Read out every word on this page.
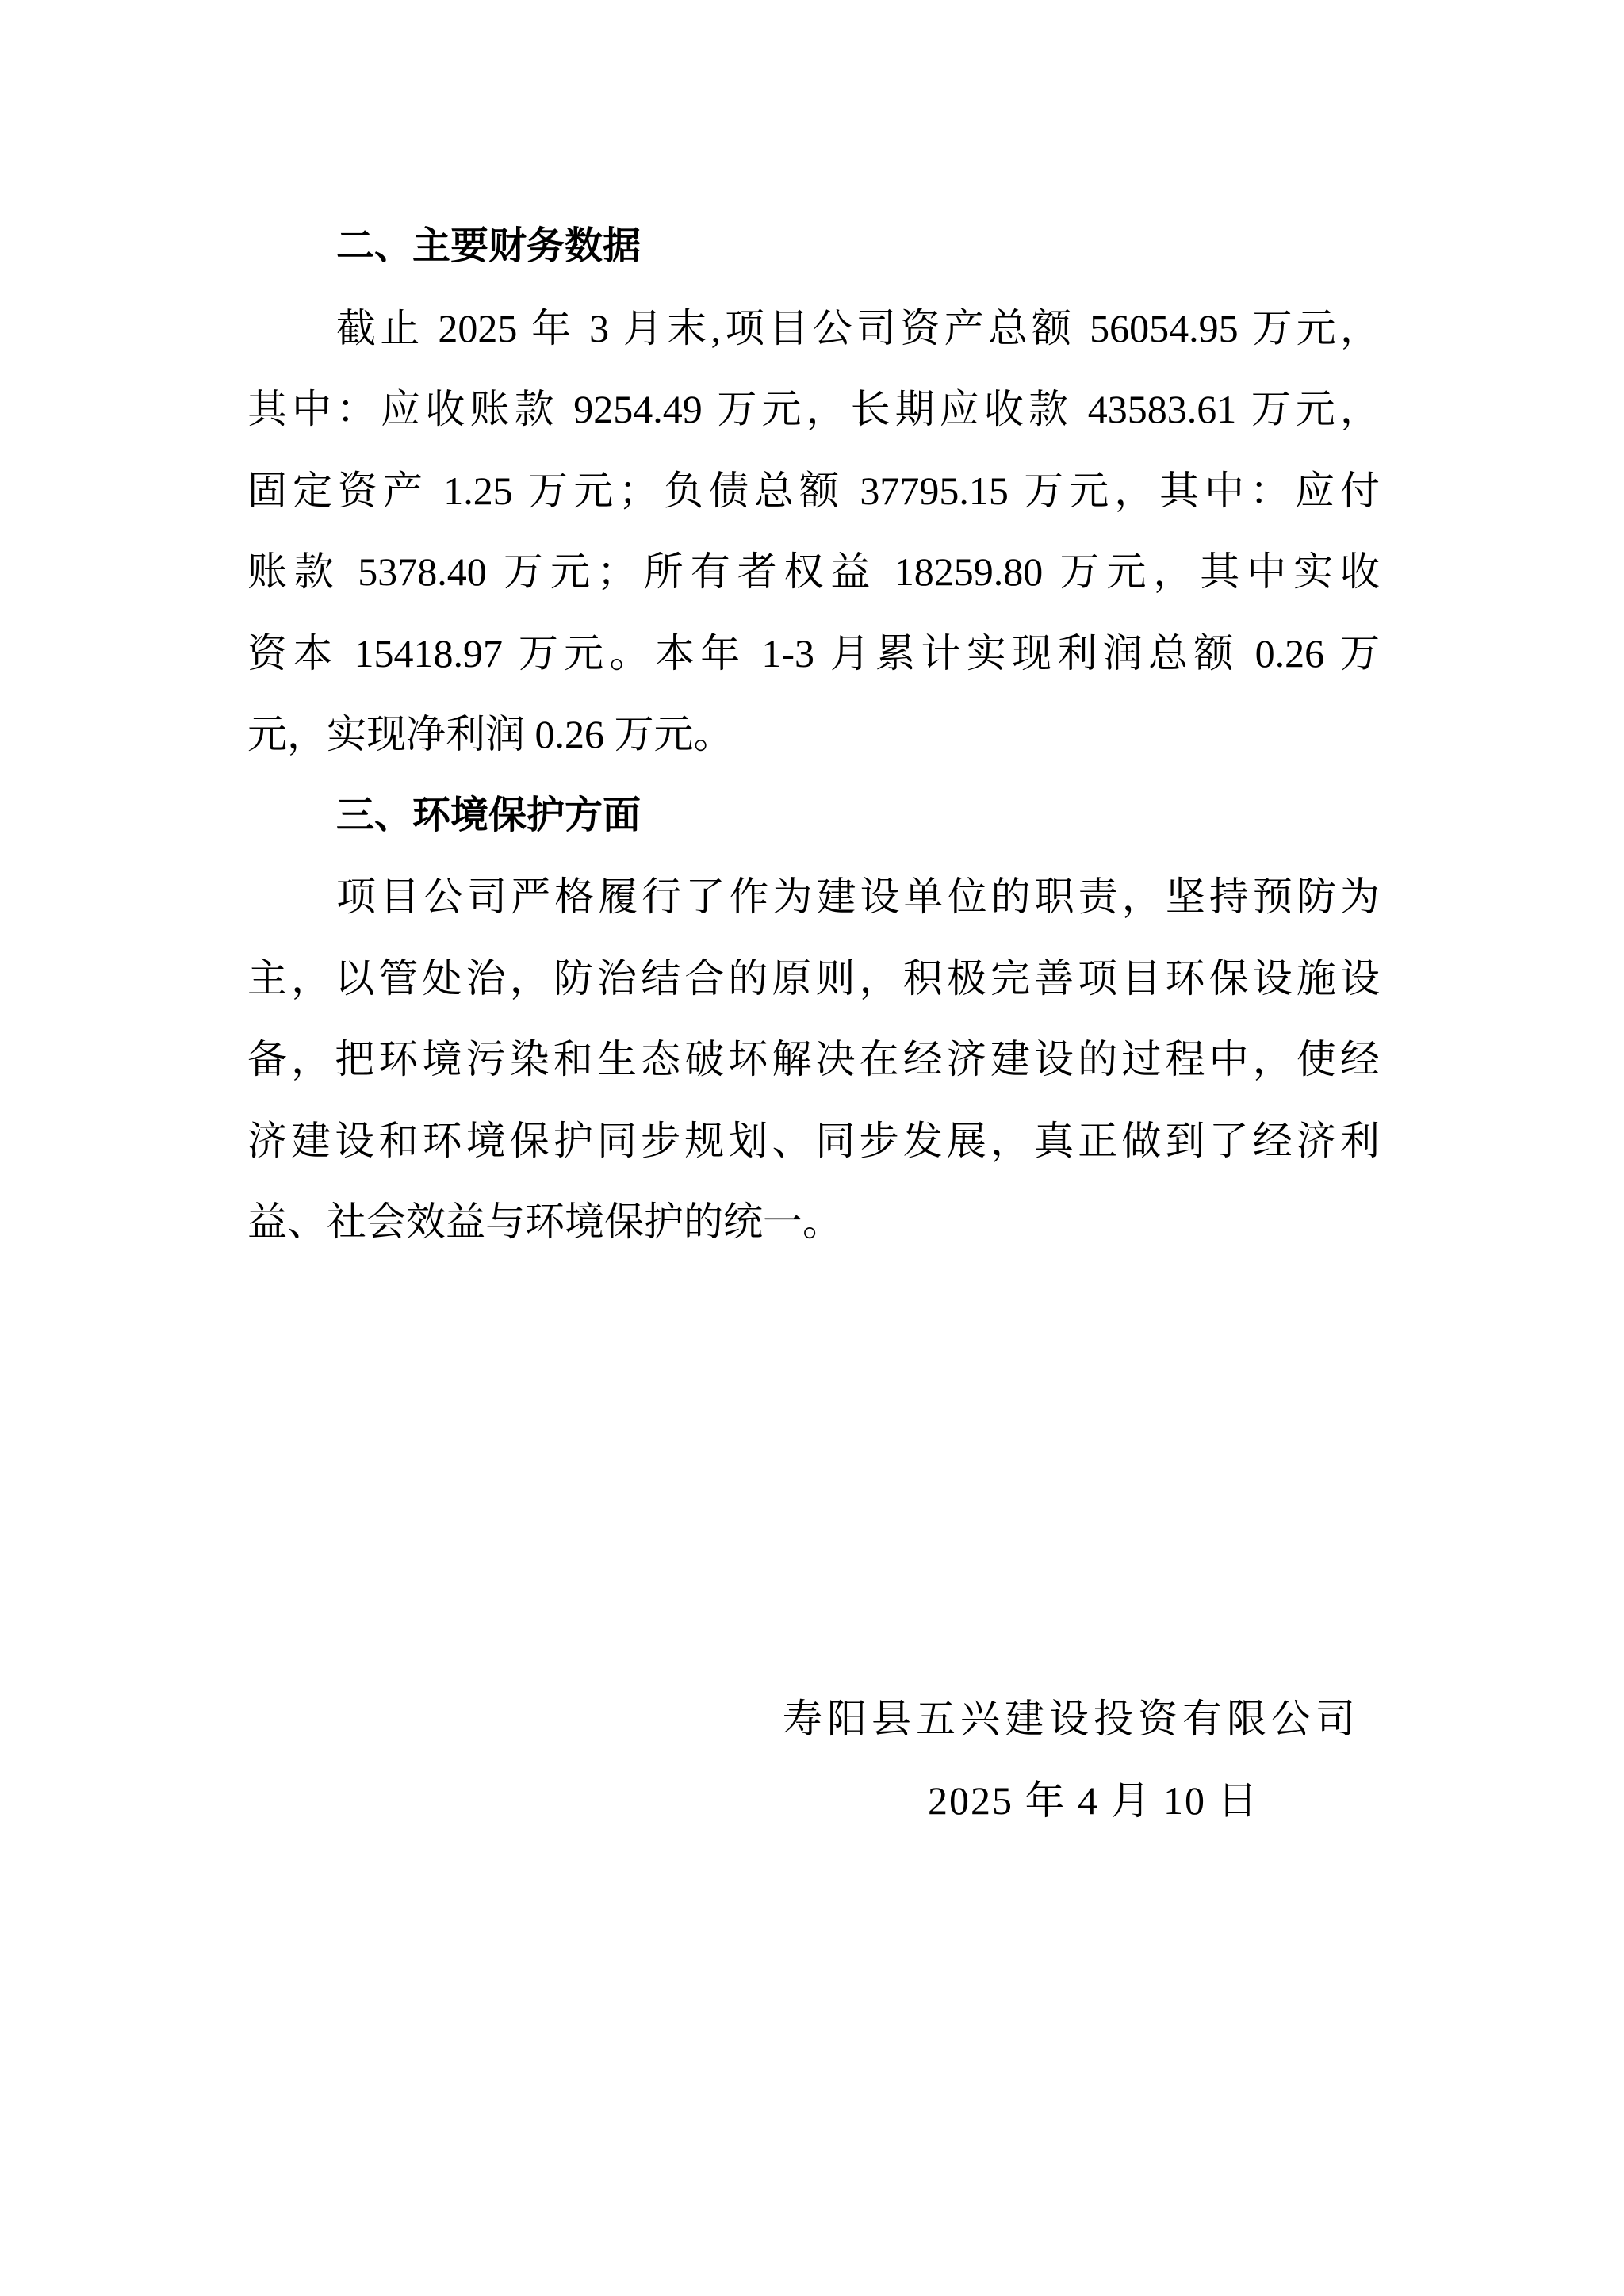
二、主要财务数据
截止 2025 年 3 月末,项目公司资产总额 56054.95 万元，
其中：应收账款 9254.49 万元，长期应收款 43583.61 万元，
固定资产 1.25 万元；负债总额 37795.15 万元，其中：应付
账款 5378.40 万元；所有者权益 18259.80 万元，其中实收
资本 15418.97 万元。本年 1-3 月累计实现利润总额 0.26 万
元，实现净利润 0.26 万元。
三、环境保护方面
项目公司严格履行了作为建设单位的职责，坚持预防为
主，以管处治，防治结合的原则，积极完善项目环保设施设
备，把环境污染和生态破坏解决在经济建设的过程中，使经
济建设和环境保护同步规划、同步发展，真正做到了经济利
益、社会效益与环境保护的统一。
寿阳县五兴建设投资有限公司
2025 年 4 月 10 日
